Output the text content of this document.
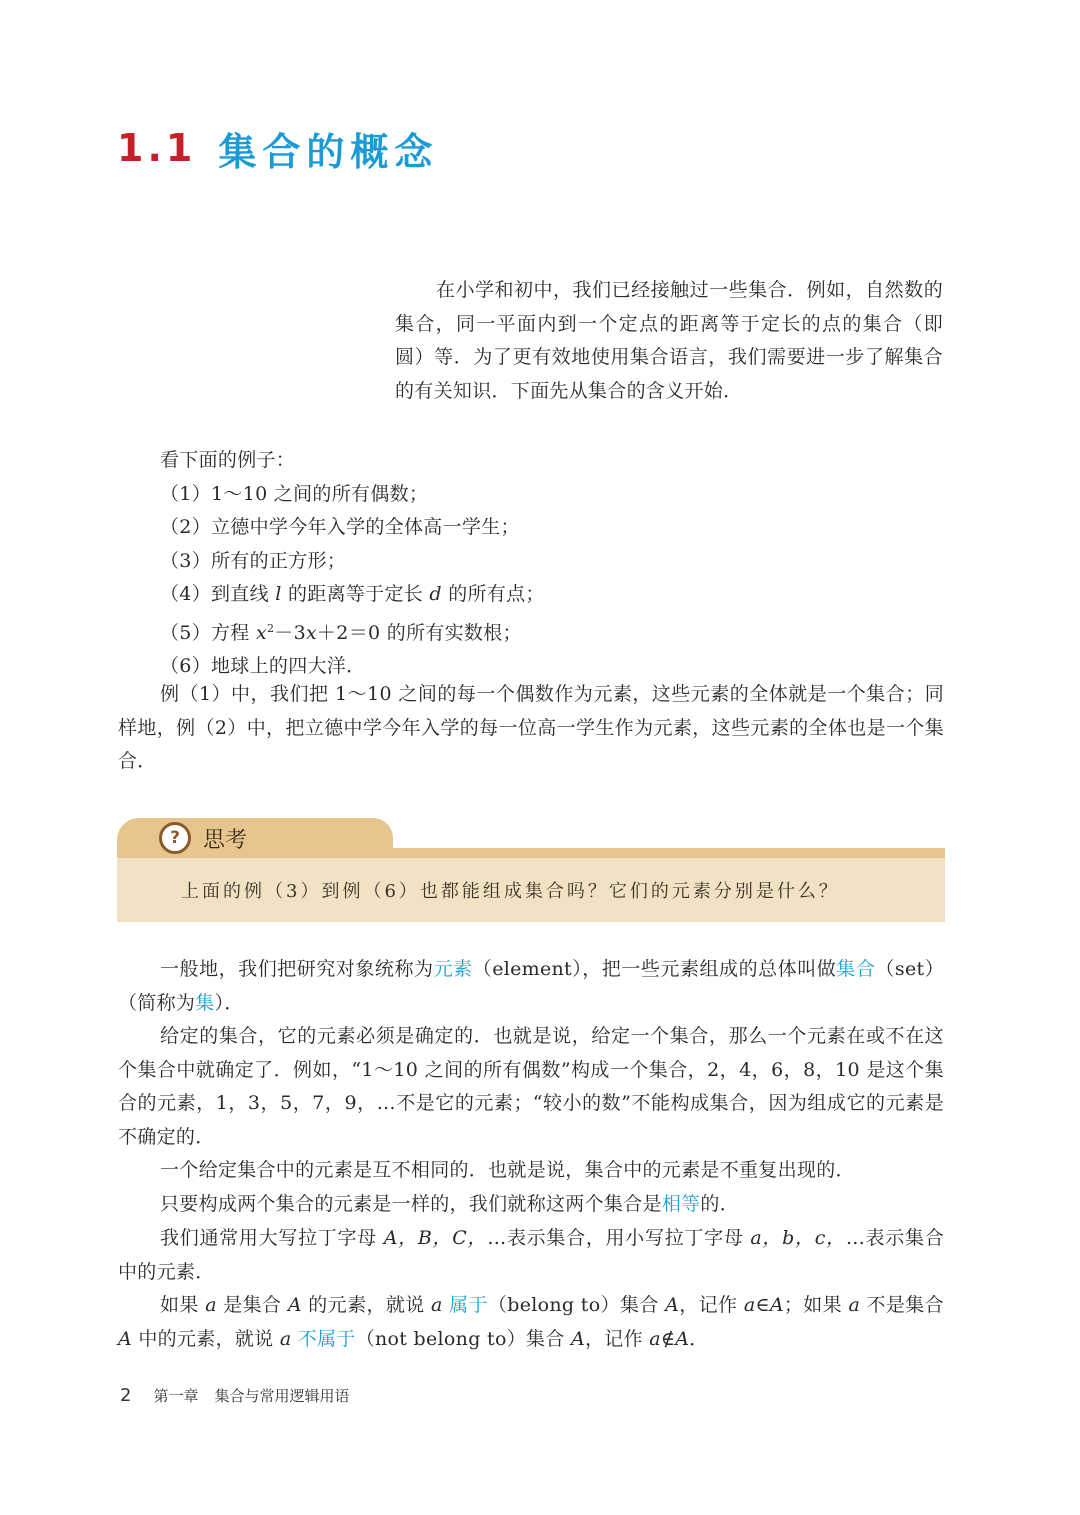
1.1 集合的概念

在小学和初中，我们已经接触过一些集合．例如，自然数的集合，同一平面内到一个定点的距离等于定长的点的集合（即圆）等．为了更有效地使用集合语言，我们需要进一步了解集合的有关知识．下面先从集合的含义开始．

看下面的例子：
（1）1～10 之间的所有偶数；
（2）立德中学今年入学的全体高一学生；
（3）所有的正方形；
（4）到直线 l 的距离等于定长 d 的所有点；
（5）方程 $x^2-3x+2=0$ 的所有实数根；
（6）地球上的四大洋．

例（1）中，我们把 1～10 之间的每一个偶数作为元素，这些元素的全体就是一个集合；同样地，例（2）中，把立德中学今年入学的每一位高一学生作为元素，这些元素的全体也是一个集合．

?	思考
上面的例（3）到例（6）也都能组成集合吗？它们的元素分别是什么？

一般地，我们把研究对象统称为元素（element），把一些元素组成的总体叫做集合（set）（简称为集）．

给定的集合，它的元素必须是确定的．也就是说，给定一个集合，那么一个元素在或不在这个集合中就确定了．例如，“1～10 之间的所有偶数”构成一个集合，2，4，6，8，10 是这个集合的元素，1，3，5，7，9，…不是它的元素；“较小的数”不能构成集合，因为组成它的元素是不确定的．

一个给定集合中的元素是互不相同的．也就是说，集合中的元素是不重复出现的．

只要构成两个集合的元素是一样的，我们就称这两个集合是相等的．

我们通常用大写拉丁字母 A，B，C，…表示集合，用小写拉丁字母 a，b，c，…表示集合中的元素．

如果 a 是集合 A 的元素，就说 a 属于（belong to）集合 A，记作 a∈A；如果 a 不是集合 A 中的元素，就说 a 不属于（not belong to）集合 A，记作 a∉A．

2 第一章 集合与常用逻辑用语
